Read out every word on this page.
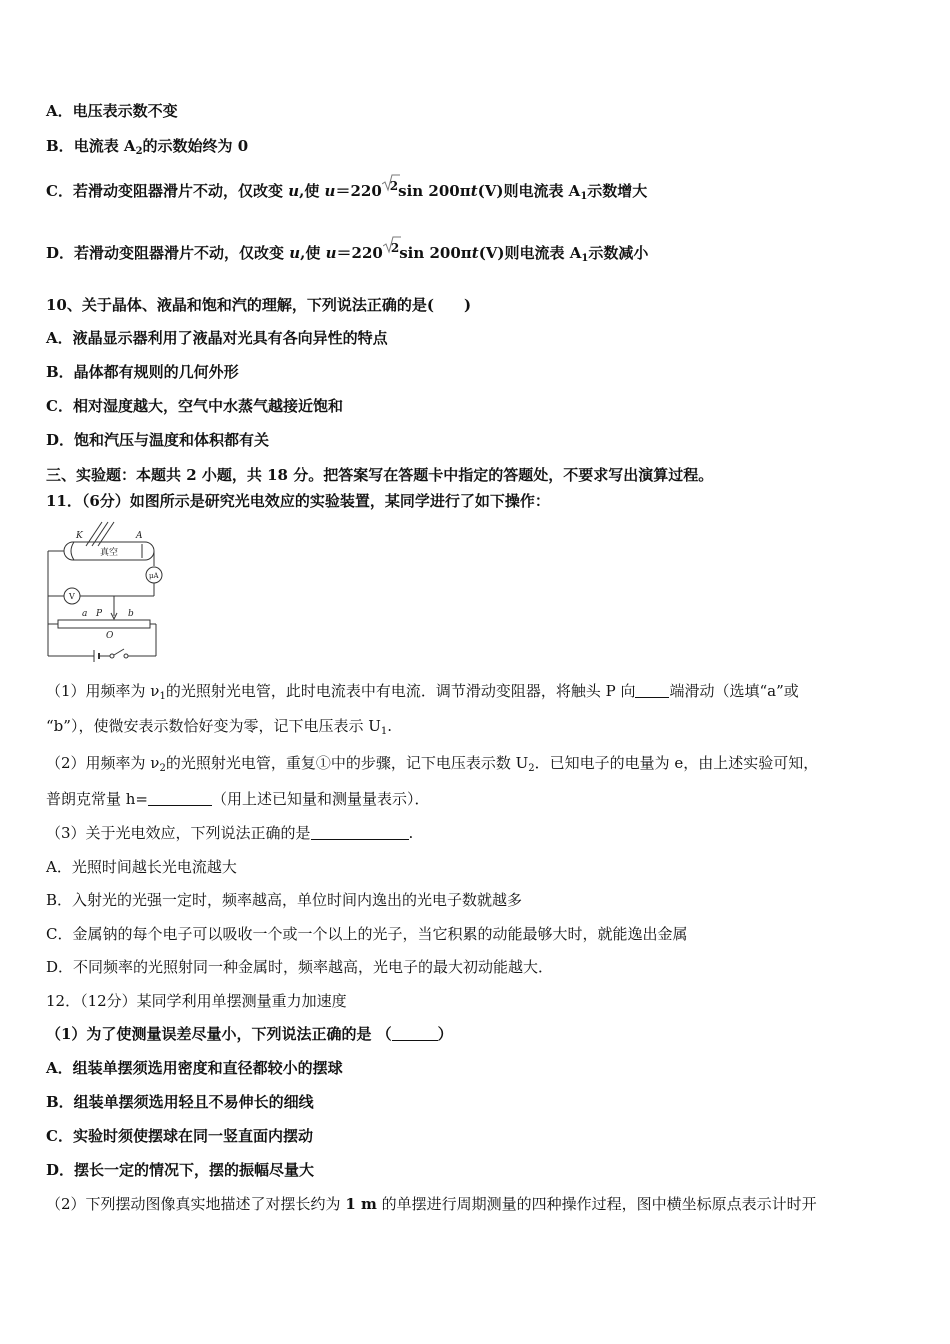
A．电压表示数不变
B．电流表 $A_2$的示数始终为 0
C．若滑动变阻器滑片不动，仅改变 u,使 u＝220 2sin 200πt(V)则电流表 $A_1$示数增大
D．若滑动变阻器滑片不动，仅改变 u,使 u＝220 2sin 200πt(V)则电流表 $A_1$示数减小
10、关于晶体、液晶和饱和汽的理解，下列说法正确的是(　　)
A．液晶显示器利用了液晶对光具有各向异性的特点
B．晶体都有规则的几何外形
C．相对湿度越大，空气中水蒸气越接近饱和
D．饱和汽压与温度和体积都有关
三、实验题：本题共 2 小题，共 18 分。把答案写在答题卡中指定的答题处，不要求写出演算过程。
11．（6分）如图所示是研究光电效应的实验装置，某同学进行了如下操作：
K	A
真空
μA
V
a P	b
O
（1）用频率为 $\nu_1$的光照射光电管，此时电流表中有电流．调节滑动变阻器，将触头 P 向 端滑动（选填“a”或
“b”），使微安表示数恰好变为零，记下电压表示 $U_1$.
（2）用频率为 $\nu_2$的光照射光电管，重复①中的步骤，记下电压表示数 $U_2$．已知电子的电量为 e，由上述实验可知，
普朗克常量 h=	（用上述已知量和测量量表示）．
（3）关于光电效应，下列说法正确的是	.
A．光照时间越长光电流越大
B．入射光的光强一定时，频率越高，单位时间内逸出的光电子数就越多
C．金属钠的每个电子可以吸收一个或一个以上的光子，当它积累的动能最够大时，就能逸出金属
D．不同频率的光照射同一种金属时，频率越高，光电子的最大初动能越大．
12．（12分）某同学利用单摆测量重力加速度
（1）为了使测量误差尽量小，下列说法正确的是 （	）
A．组装单摆须选用密度和直径都较小的摆球
B．组装单摆须选用轻且不易伸长的细线
C．实验时须使摆球在同一竖直面内摆动
D．摆长一定的情况下，摆的振幅尽量大
（2）下列摆动图像真实地描述了对摆长约为 1 m 的单摆进行周期测量的四种操作过程，图中横坐标原点表示计时开
